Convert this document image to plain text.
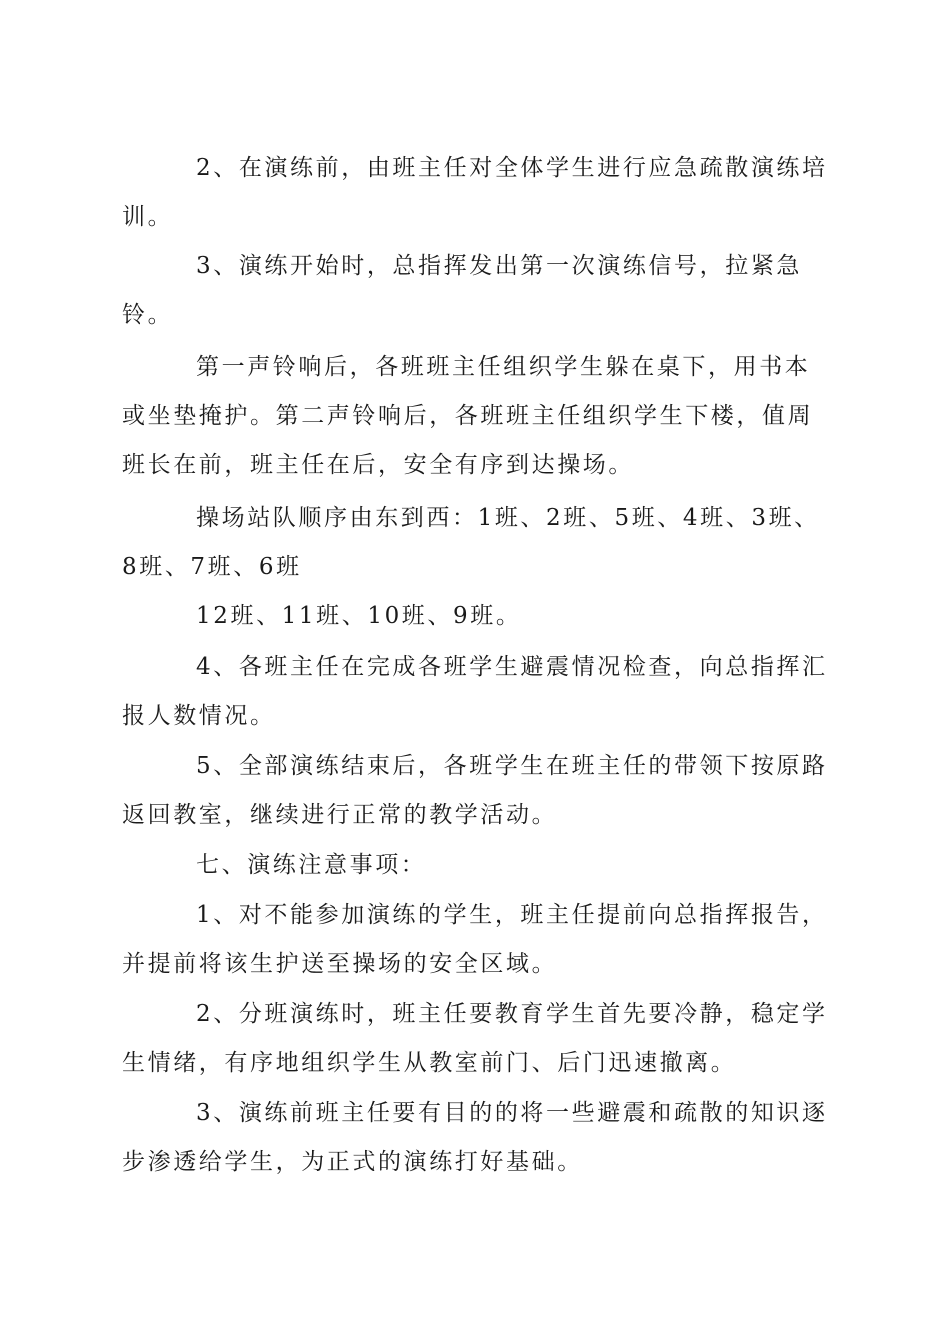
2、在演练前，由班主任对全体学生进行应急疏散演练培训。

3、演练开始时，总指挥发出第一次演练信号，拉紧急铃。

第一声铃响后，各班班主任组织学生躲在桌下，用书本或坐垫掩护。第二声铃响后，各班班主任组织学生下楼，值周班长在前，班主任在后，安全有序到达操场。

操场站队顺序由东到西：1班、2班、5班、4班、3班、8班、7班、6班

12班、11班、10班、9班。

4、各班主任在完成各班学生避震情况检查，向总指挥汇报人数情况。

5、全部演练结束后，各班学生在班主任的带领下按原路返回教室，继续进行正常的教学活动。

七、演练注意事项：

1、对不能参加演练的学生，班主任提前向总指挥报告，并提前将该生护送至操场的安全区域。

2、分班演练时，班主任要教育学生首先要冷静，稳定学生情绪，有序地组织学生从教室前门、后门迅速撤离。

3、演练前班主任要有目的的将一些避震和疏散的知识逐步渗透给学生，为正式的演练打好基础。
